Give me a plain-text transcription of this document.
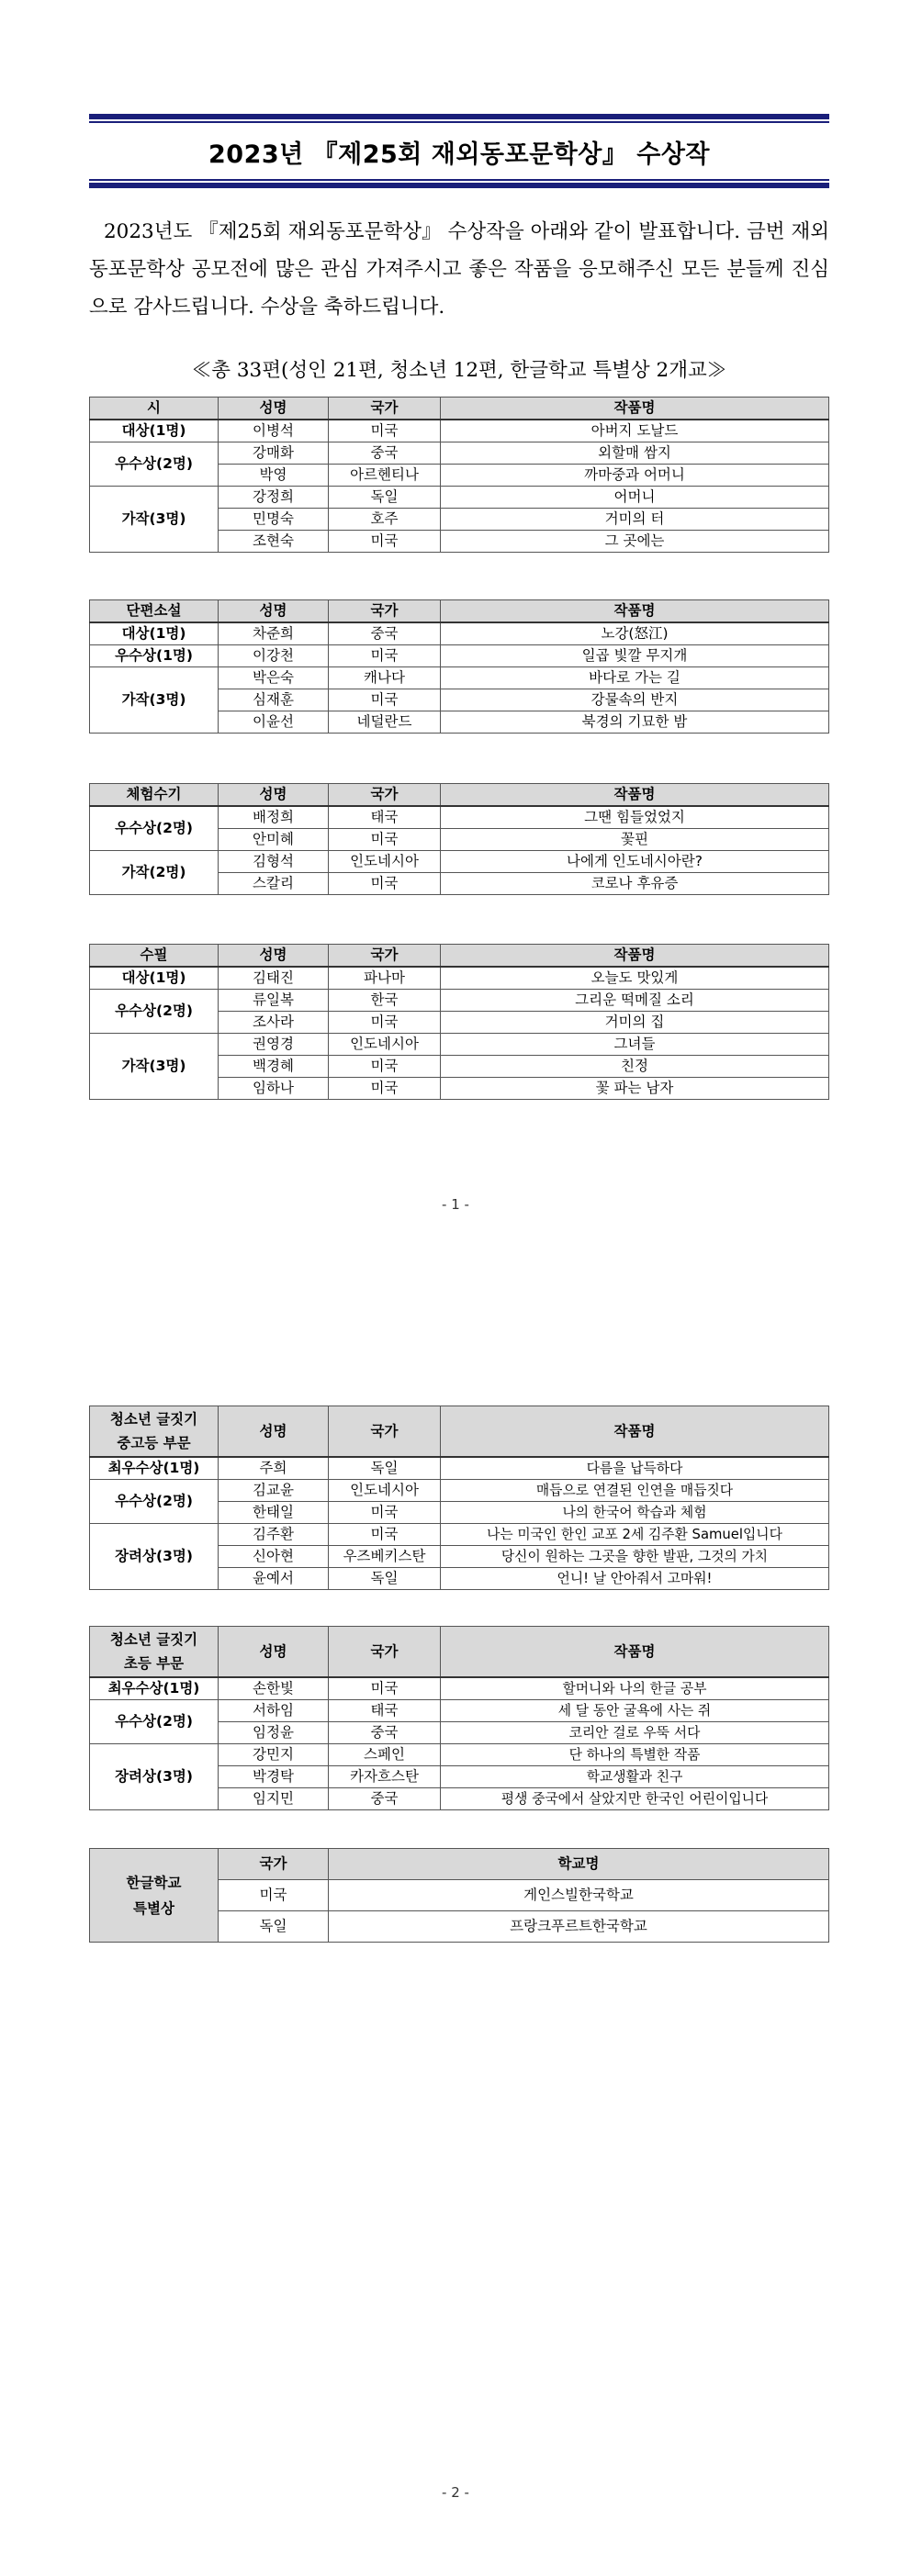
2023년 『제25회 재외동포문학상』 수상작

2023년도 『제25회 재외동포문학상』 수상작을 아래와 같이 발표합니다. 금번 재외동포문학상 공모전에 많은 관심 가져주시고 좋은 작품을 응모해주신 모든 분들께 진심으로 감사드립니다. 수상을 축하드립니다.

≪총 33편(성인 21편, 청소년 12편, 한글학교 특별상 2개교≫
시	성명	국가	작품명
대상(1명)	이병석	미국	아버지 도날드
우수상(2명)	강매화	중국	외할매 쌈지
	박영	아르헨티나	까마중과 어머니
가작(3명)	강정희	독일	어머니
	민명숙	호주	거미의 터
	조현숙	미국	그 곳에는
단편소설	성명	국가	작품명
대상(1명)	차준희	중국	노강(怒江)
우수상(1명)	이강천	미국	일곱 빛깔 무지개
가작(3명)	박은숙	캐나다	바다로 가는 길
	심재훈	미국	강물속의 반지
	이윤선	네덜란드	북경의 기묘한 밤
체험수기	성명	국가	작품명
우수상(2명)	배정희	태국	그땐 힘들었었지
	안미혜	미국	꽃핀
가작(2명)	김형석	인도네시아	나에게 인도네시아란?
	스칼리	미국	코로나 후유증
수필	성명	국가	작품명
대상(1명)	김태진	파나마	오늘도 맛있게
우수상(2명)	류일복	한국	그리운 떡메질 소리
	조사라	미국	거미의 집
가작(3명)	권영경	인도네시아	그녀들
	백경혜	미국	친정
	임하나	미국	꽃 파는 남자
- 1 -
청소년 글짓기
중고등 부문	성명	국가	작품명
최우수상(1명)	주희	독일	다름을 납득하다
우수상(2명)	김교윤	인도네시아	매듭으로 연결된 인연을 매듭짓다
	한태일	미국	나의 한국어 학습과 체험
장려상(3명)	김주환	미국	나는 미국인 한인 교포 2세 김주환 Samuel입니다
	신아현	우즈베키스탄	당신이 원하는 그곳을 향한 발판, 그것의 가치
	윤예서	독일	언니! 날 안아줘서 고마워!
청소년 글짓기
초등 부문	성명	국가	작품명
최우수상(1명)	손한빛	미국	할머니와 나의 한글 공부
우수상(2명)	서하임	태국	세 달 동안 굴욕에 사는 쥐
	임정윤	중국	코리안 걸로 우뚝 서다
장려상(3명)	강민지	스페인	단 하나의 특별한 작품
	박경탁	카자흐스탄	학교생활과 친구
	임지민	중국	평생 중국에서 살았지만 한국인 어린이입니다
한글학교
특별상	국가	학교명
	미국	게인스빌한국학교
	독일	프랑크푸르트한국학교
- 2 -
